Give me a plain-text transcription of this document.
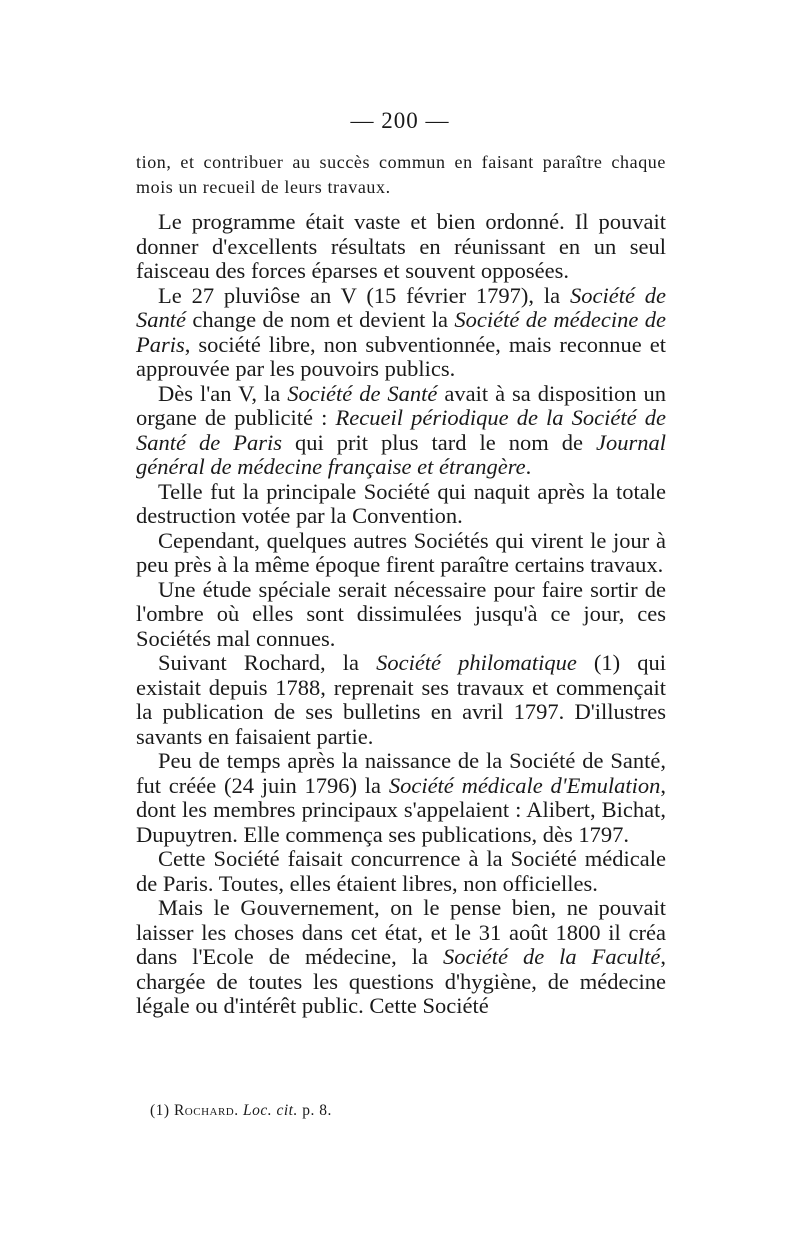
— 200 —
tion, et contribuer au succès commun en faisant paraître chaque mois un recueil de leurs travaux.

Le programme était vaste et bien ordonné. Il pouvait donner d'excellents résultats en réunissant en un seul faisceau des forces éparses et souvent opposées.

Le 27 pluviôse an V (15 février 1797), la Société de Santé change de nom et devient la Société de médecine de Paris, société libre, non subventionnée, mais reconnue et approuvée par les pouvoirs publics.

Dès l'an V, la Société de Santé avait à sa disposition un organe de publicité : Recueil périodique de la Société de Santé de Paris qui prit plus tard le nom de Journal général de médecine française et étrangère.

Telle fut la principale Société qui naquit après la totale destruction votée par la Convention.

Cependant, quelques autres Sociétés qui virent le jour à peu près à la même époque firent paraître certains travaux.

Une étude spéciale serait nécessaire pour faire sortir de l'ombre où elles sont dissimulées jusqu'à ce jour, ces Sociétés mal connues.

Suivant Rochard, la Société philomatique (1) qui existait depuis 1788, reprenait ses travaux et commençait la publication de ses bulletins en avril 1797. D'illustres savants en faisaient partie.

Peu de temps après la naissance de la Société de Santé, fut créée (24 juin 1796) la Société médicale d'Emulation, dont les membres principaux s'appelaient : Alibert, Bichat, Dupuytren. Elle commença ses publications, dès 1797.

Cette Société faisait concurrence à la Société médicale de Paris. Toutes, elles étaient libres, non officielles.

Mais le Gouvernement, on le pense bien, ne pouvait laisser les choses dans cet état, et le 31 août 1800 il créa dans l'Ecole de médecine, la Société de la Faculté, chargée de toutes les questions d'hygiène, de médecine légale ou d'intérêt public. Cette Société

(1) Rochard. Loc. cit. p. 8.
